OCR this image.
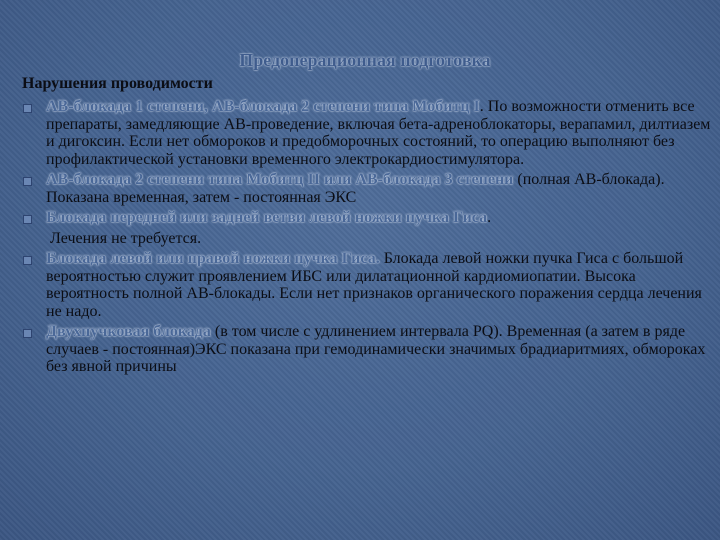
Предоперационная подготовка
Нарушения проводимости
АВ-блокада 1 степени, АВ-блокада 2 степени типа Мобитц I. По возможности отменить все препараты, замедляющие АВ-проведение, включая бета-адреноблокаторы, верапамил, дилтиазем и дигоксин. Если нет обмороков и предобморочных состояний, то операцию выполняют без профилактической установки временного электрокардиостимулятора.
АВ-блокада 2 степени типа Мобитц II или АВ-блокада 3 степени (полная АВ-блокада). Показана временная, затем - постоянная ЭКС
Блокада передней или задней ветви левой ножки пучка Гиса.
Лечения не требуется.
Блокада левой или правой ножки пучка Гиса. Блокада левой ножки пучка Гиса с большой вероятностью служит проявлением ИБС или дилатационной кардиомиопатии. Высока вероятность полной АВ-блокады. Если нет признаков органического поражения сердца лечения не надо.
Двухпучковая блокада (в том числе с удлинением интервала PQ). Временная (а затем в ряде случаев - постоянная)ЭКС показана при гемодинамически значимых брадиаритмиях, обмороках без явной причины
